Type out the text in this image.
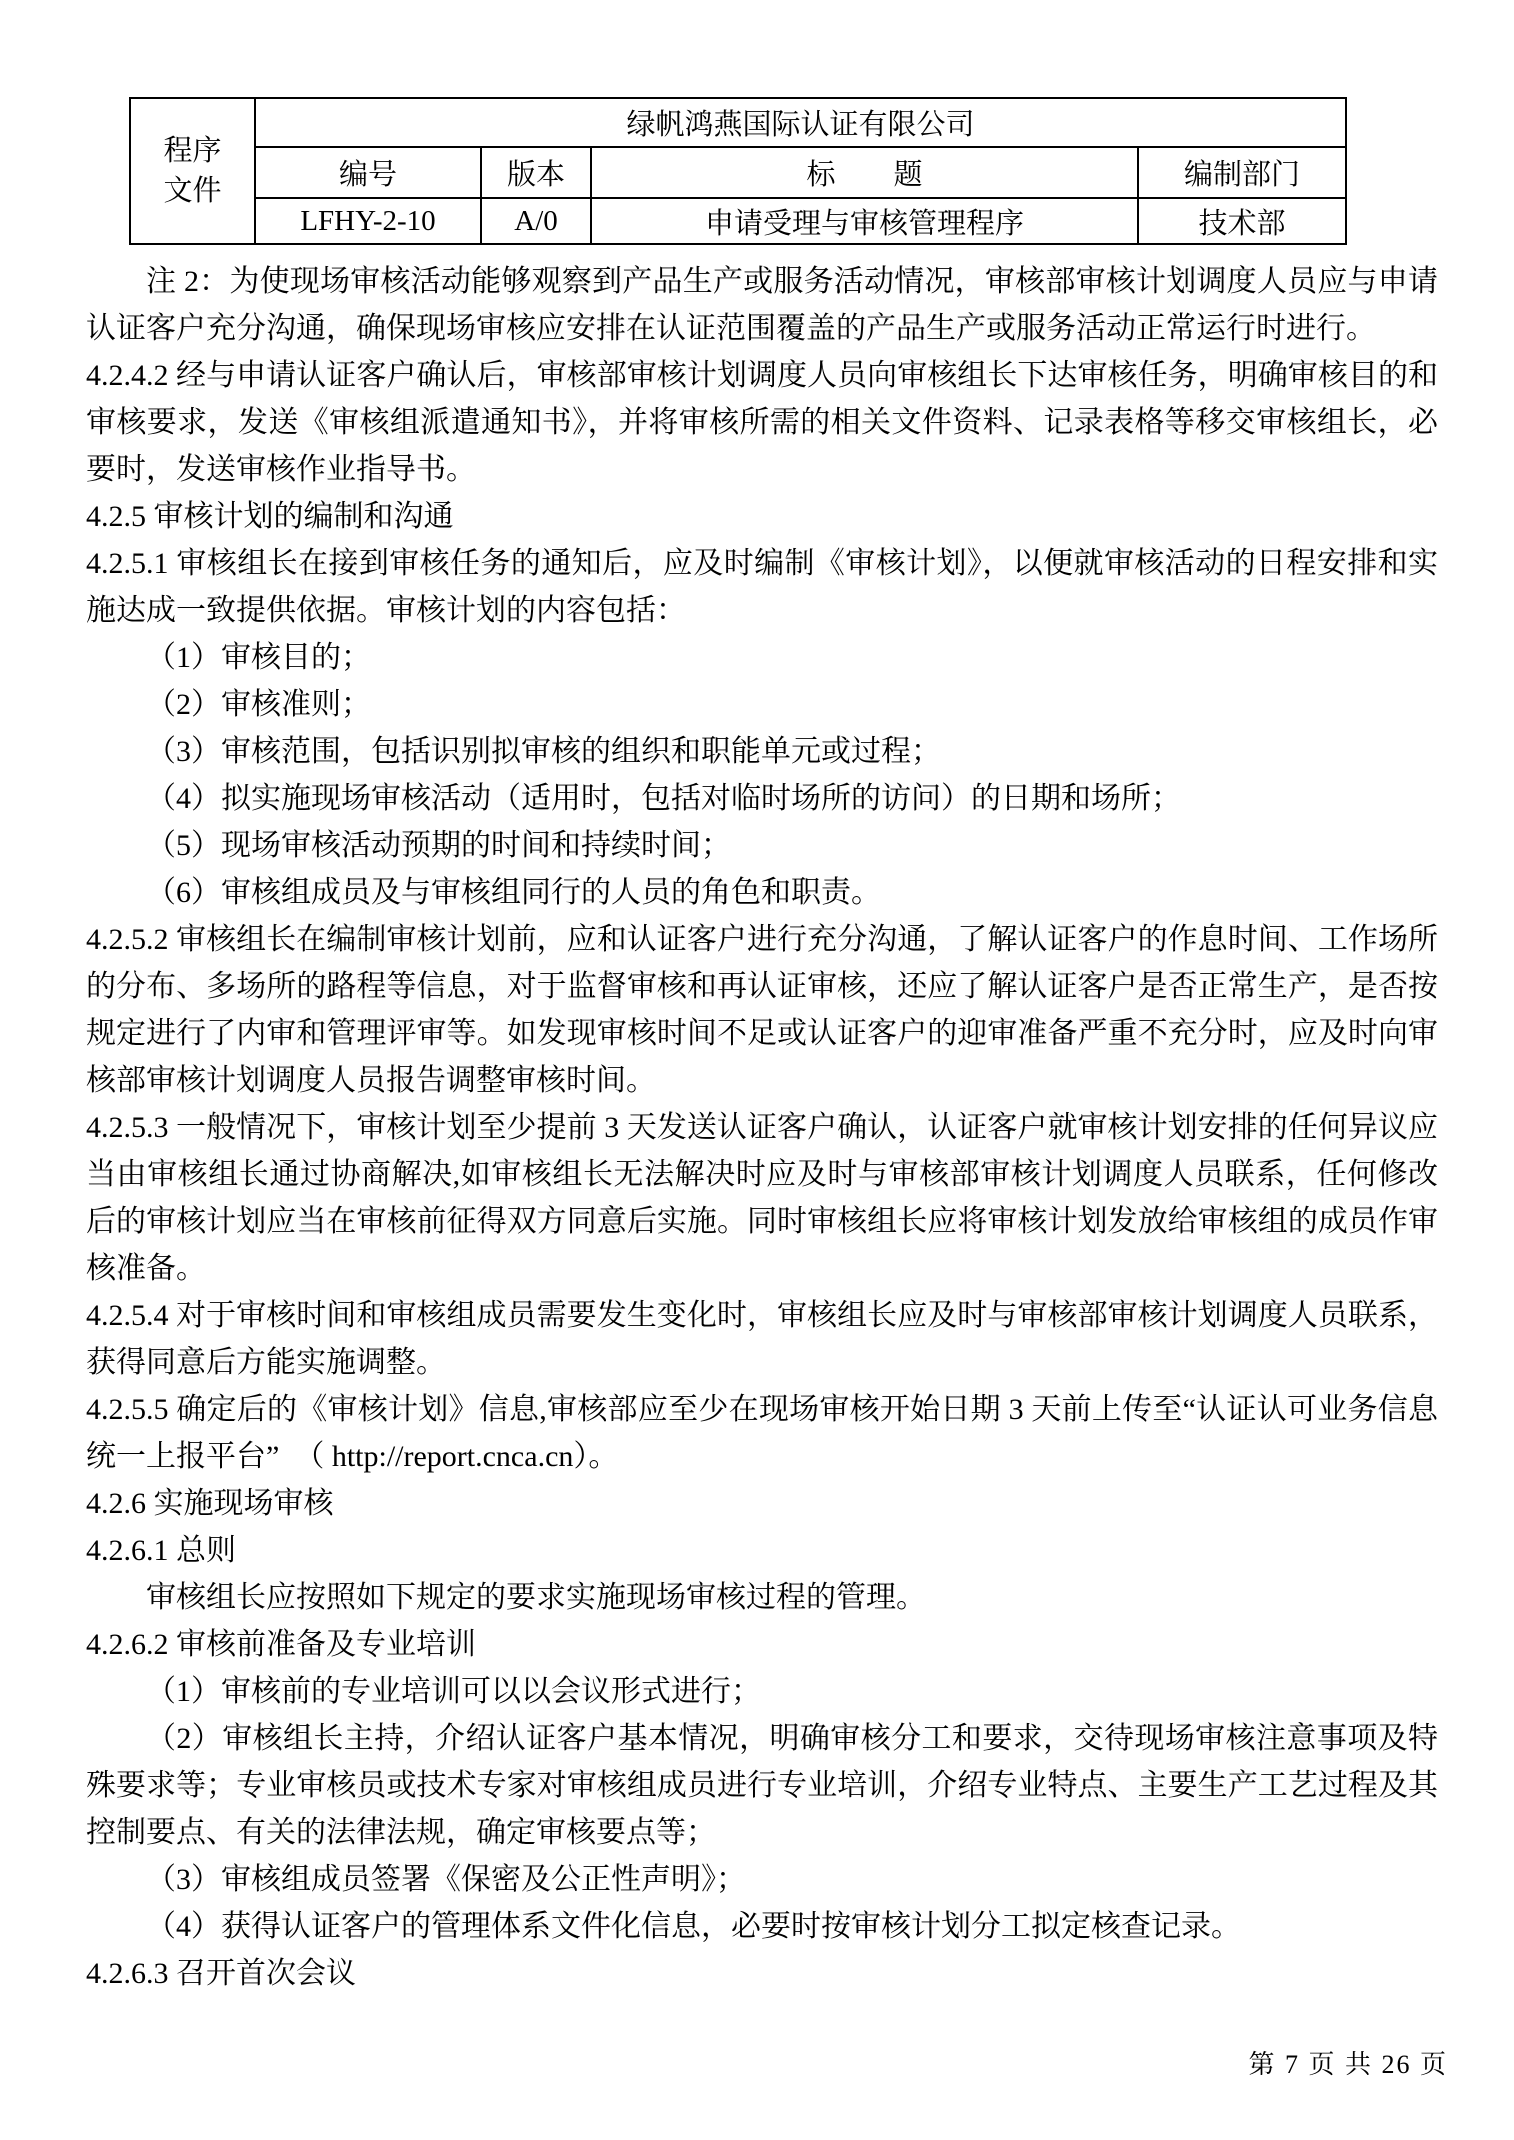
程序
文件	绿帆鸿燕国际认证有限公司			
	编号	版本	标　　题	编制部门
	LFHY-2-10	A/0	申请受理与审核管理程序	技术部

注 2：为使现场审核活动能够观察到产品生产或服务活动情况，审核部审核计划调度人员应与申请认证客户充分沟通，确保现场审核应安排在认证范围覆盖的产品生产或服务活动正常运行时进行。

4.2.4.2 经与申请认证客户确认后，审核部审核计划调度人员向审核组长下达审核任务，明确审核目的和审核要求，发送《审核组派遣通知书》，并将审核所需的相关文件资料、记录表格等移交审核组长，必要时，发送审核作业指导书。

4.2.5 审核计划的编制和沟通

4.2.5.1 审核组长在接到审核任务的通知后，应及时编制《审核计划》，以便就审核活动的日程安排和实施达成一致提供依据。审核计划的内容包括：

（1）审核目的；

（2）审核准则；

（3）审核范围，包括识别拟审核的组织和职能单元或过程；

（4）拟实施现场审核活动（适用时，包括对临时场所的访问）的日期和场所；

（5）现场审核活动预期的时间和持续时间；

（6）审核组成员及与审核组同行的人员的角色和职责。

4.2.5.2 审核组长在编制审核计划前，应和认证客户进行充分沟通，了解认证客户的作息时间、工作场所的分布、多场所的路程等信息，对于监督审核和再认证审核，还应了解认证客户是否正常生产，是否按规定进行了内审和管理评审等。如发现审核时间不足或认证客户的迎审准备严重不充分时，应及时向审核部审核计划调度人员报告调整审核时间。

4.2.5.3 一般情况下，审核计划至少提前 3 天发送认证客户确认，认证客户就审核计划安排的任何异议应当由审核组长通过协商解决,如审核组长无法解决时应及时与审核部审核计划调度人员联系，任何修改后的审核计划应当在审核前征得双方同意后实施。同时审核组长应将审核计划发放给审核组的成员作审核准备。

4.2.5.4 对于审核时间和审核组成员需要发生变化时，审核组长应及时与审核部审核计划调度人员联系，获得同意后方能实施调整。

4.2.5.5 确定后的《审核计划》信息,审核部应至少在现场审核开始日期 3 天前上传至“认证认可业务信息统一上报平台”　（ http://report.cnca.cn）。

4.2.6 实施现场审核

4.2.6.1 总则

审核组长应按照如下规定的要求实施现场审核过程的管理。

4.2.6.2 审核前准备及专业培训

（1）审核前的专业培训可以以会议形式进行；

（2）审核组长主持，介绍认证客户基本情况，明确审核分工和要求，交待现场审核注意事项及特殊要求等；专业审核员或技术专家对审核组成员进行专业培训，介绍专业特点、主要生产工艺过程及其控制要点、有关的法律法规，确定审核要点等；

（3）审核组成员签署《保密及公正性声明》；

（4）获得认证客户的管理体系文件化信息，必要时按审核计划分工拟定核查记录。

4.2.6.3 召开首次会议

第 7 页 共 26 页
